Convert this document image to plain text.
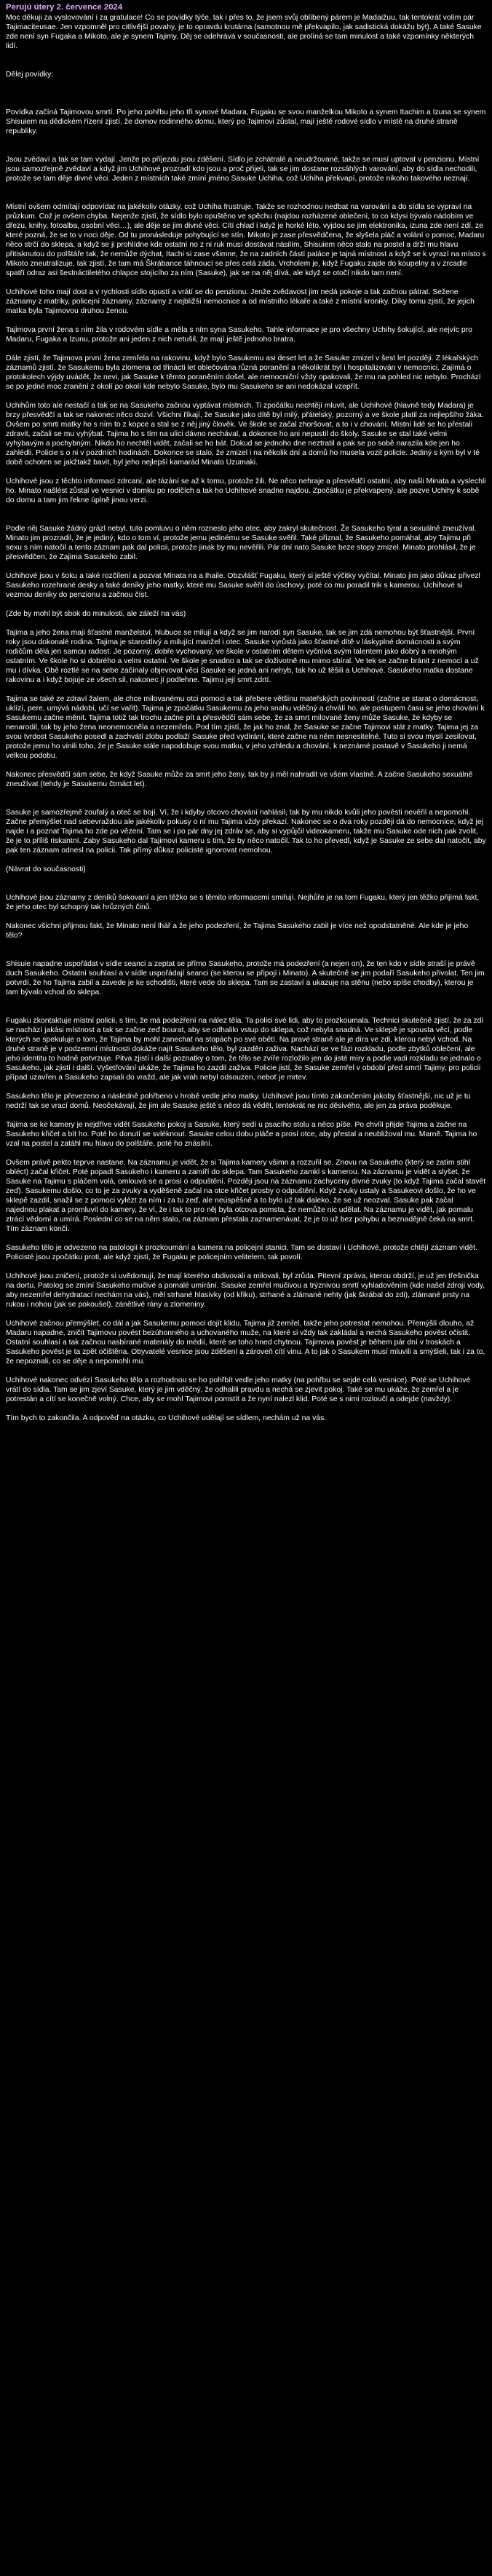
Perujú útery 2. července 2024

Moc děkuji za vyslovování i za gratulace! Co se povídky týče, tak i přes to, že jsem svůj oblíbený párem je Madaižuu, tak tentokrát volím pár Tajimaciteusae. Jen vzpomněl pro citlivější povahy, je to opravdu krutárna (samotnou mě překvapilo, jak sadistická dokážu být). A také Sasuke zde není syn Fugaka a Mikoto, ale je synem Tajimy. Děj se odehrává v současnosti, ale prolíná se tam minulost a také vzpomínky některých lidí.

Dělej povídky:

Povídka začíná Tajimovou smrtí. Po jeho pohřbu jeho tři synové Madara, Fugaku se svou manželkou Mikoto a synem Itachim a Izuna se synem Shisuiem na dědickém řízení zjistí, že domov rodinného domu, který po Tajimovi zůstal, mají ještě rodové sídlo v místě na druhé straně republiky.

Jsou zvědaví a tak se tam vydají. Jenže po příjezdu jsou zděšení. Sídlo je zchátralé a neudržované, takže se musí uptovat v penzionu. Místní jsou samozřejmě zvědaví a když jim Uchihové prozradí kdo jsou a proč přijeli, tak se jim dostane rozsáhlých varování, aby do sídla nechodili, protože se tam děje divné věci. Jeden z místních také zmíní jméno Sasuke Uchiha, což Uchiha překvapí, protože nikoho takového neznají.

Místní ovšem odmítají odpovídat na jakékoliv otázky, což Uchiha frustruje. Takže se rozhodnou nedbat na varování a do sídla se vypraví na průzkum. Což je ovšem chyba. Nejenže zjistí, že sídlo bylo opuštěno ve spěchu (najdou rozházené oblečení, to co kdysi bývalo nádobím ve dřezu, knihy, fotoalba, osobní věci…), ale děje se jim divné věci. Cítí chlad i když je horké léto, vyjdou se jim elektronika, izuna zde není zdí, ze které pozná, že se to v noci děje. Od tu pronásleduje pohybující se stín. Mikoto je zase přesvědčena, že slyšela pláč a volání o pomoc, Madaru něco strčí do sklepa, a když se ji prohlídne kde ostatní no z ni ruk musí dostávat násilím, Shisuiem něco stalo na postel a drží mu hlavu přitisknutou do polštáře tak, že nemůže dýchat, Itachi si zase všimne, že na zadních částí paláce je tajná místnost a když se k vyrazí na místo s Mikoto zneutralizuje, tak zjistí, že tam má Škrábance táhnoucí se přes celá záda. Vrcholem je, když Fugaku zajde do koupelny a v zrcadle spatří odraz asi šestnáctiletého chlapce stojícího za ním (Sasuke), jak se na něj dívá, ale když se otočí nikdo tam není.

Uchihové toho mají dost a v rychlosti sídlo opustí a vrátí se do penzionu. Jenže zvědavost jim nedá pokoje a tak začnou pátrat. Sežene záznamy z matriky, policejní záznamy, záznamy z nejbližší nemocnice a od místního lékaře a také z místní kroniky. Díky tomu zjistí, že jejich matka byla Tajimovou druhou ženou.

Tajimova první žena s ním žila v rodovém sídle a měla s ním syna Sasukeho. Tahle informace je pro všechny Uchihy šokující, ale nejvíc pro Madaru, Fugaka a Izunu, protože ani jeden z nich netušil, že mají ještě jednoho bratra.

Dále zjistí, že Tajimova první žena zemřela na rakovinu, když bylo Sasukemu asi deset let a že Sasuke zmizel v šest let později. Z lékařských záznamů zjistí, že Sasukemu byla zlomena od třinácti let oblečována různá poranění a několikrát byl i hospitalizován v nemocnici. Zajímá o protokolech výjdy uvádět, že nevi, jak Sasuke k těmto poraněním došel, ale nemocniční vždy opakovali, že mu na pohled nic nebylo. Prochází se po jedné moc zranění z okolí po okolí kde nebylo Sasuke, bylo mu Sasukeho se ani nedokázal vzepřít.

Uchihům toto ale nestačí a tak se na Sasukeho začnou vyptávat místních. Ti zpočátku nechtějí mluvit, ale Uchihové (hlavně tedy Madara) je brzy přesvědčí a tak se nakonec něco dozví. Všichni říkají, že Sasuke jako dítě byl milý, přátelský, pozorný a ve škole platil za nejlepšího žáka. Ovšem po smrti matky ho s ním to z kopce a stal se z něj jiný člověk. Ve škole se začal zhoršovat, a to i v chování. Místní lidé se ho přestali zdravit, začali se mu vyhýbat. Tajima ho s tím na ulici dávno nechával, a dokonce ho ani nepustil do školy. Sasuke se stal také velmi vyhýbavým a pochybným. Nikdo ho nechtěl vidět, začali se ho bát. Dokud se jednoho dne neztratil a pak se po sobě narazila kde jen ho zahlédli. Policie s o ni v pozdních hodinách. Dokonce se stalo, že zmizel i na několik dní a domů ho musela vozit policie. Jediný s kým byl v té době ochoten se jakžtakž bavit, byl jeho nejlepší kamarád Minato Uzumaki.

Uchihové jsou z těchto informací zdrcaní, ale tázání se až k tomu, protože žili. Ne něco nehraje a přesvědčí ostatní, aby našli Minata a vyslechli ho. Minato našlést zůstal ve vesnici v domku po rodičích a tak ho Uchihové snadno najdou. Zpočátku je překvapený, ale pozve Uchihy k sobě do domu a tam jim řekne úplně jinou verzi.

Podle něj Sasuke žádný grázl nebyl, tuto pomluvu o něm rozneslo jeho otec, aby zakryl skutečnost. Že Sasukeho týral a sexuálně zneužíval. Minato jim prozradil, že je jediný, kdo o tom ví, protože jemu jedinému se Sasuke svěřil. Také přiznal, že Sasukeho pomáhal, aby Tajimu při sexu s ním natočil a tento záznam pak dal policii, protože jinak by mu nevěřili. Pár dní nato Sasuke beze stopy zmizel. Minato prohlásil, že je přesvědčen, že Zajima Sasukeho zabil.

Uchihové jsou v šoku a také rozčílení a pozvat Minata na a Ihaile. Obzvlášť Fugaku, který si ještě výčitky vyčítal. Minato jim jako důkaz přivezl Sasukeho rozehrané desky a také deníky jeho matky, které mu Sasuke svěřil do úschovy, poté co mu poradil trik s kamerou. Uchihové si vezmou deníky do penzionu a začnou číst.

(Zde by mohl být sbok do minulosti, ale záleží na vás)

Tajima a jeho žena mají šťastné manželství, hlubuce se milují a když se jim narodí syn Sasuke, tak se jim zdá nemohou být šťastnější. První roky jsou dokonalé rodina. Tajima je starostlivý a milující manžel i otec. Sasuke vyrůstá jako šťastné dítě v láskyplné domácnosti a svým rodičům dělá jen samou radost. Je pozorný, dobře vychovaný, ve škole v ostatním dětem vyčnívá svým talentem jako dobrý a mnohým ostatním. Ve škole ho si dobrého a velmi ostatní. Ve škole je snadno a tak se doživotně mu mimo sbíral. Ve tek se začne bránit z nemocí a už mu i dívka. Obě roztlé se na sebe začínaly objevovat věci Sasuke se jedná ani nehyb, tak ho už těšili a Uchihové. Sasukeho matka dostane rakovinu a i když bojuje ze všech sil, nakonec jí podlehne. Tajimu její smrt zdrtí.

Tajima se také ze zdraví žalem, ale chce milovanému otci pomoci a tak přebere většinu mateřských povinností (začne se starat o domácnost, uklízí, pere, umývá nádobí, učí se vařit). Tajima je zpočátku Sasukemu za jeho snahu vděčný a chválí ho, ale postupem času se jeho chování k Sasukemu začne měnit. Tajima totiž tak trochu začne pít a přesvědčí sám sebe, že za smrt milované ženy může Sasuke, že kdyby se nenarodil, tak by jeho žena neonemocněla a nezemřela. Pod tím zjistí, že jak ho znal, že Sasuke se začne Tajimovi stát z matky. Tajima jej za svou tvrdost Sasukeho posedl a zachvátí zlobu podlaží Sasuke před vydírání, které začne na něm nesnesitelné. Tuto si svou myslí zesilovat, protože jemu ho vinili toho, že je Sasuke stále napodobuje svou matku, v jeho vzhledu a chování, k neznámé postavě v Sasukeho ji nemá velkou podobu.

Nakonec přesvědčí sám sebe, že když Sasuke může za smrt jeho ženy, tak by ji měl nahradit ve všem vlastně. A začne Sasukeho sexuálně zneužívat (tehdy je Sasukemu čtrnáct let).

Sasuke je samozřejmě zoufalý a oteč se bojí. Ví, že i kdyby otcovo chování nahlásil, tak by mu nikdo kvůli jeho pověsti nevěřil a nepomohl. Začne přemýšlet nad sebevraždou ale jakékoliv pokusy o ní mu Tajima vždy překazí. Nakonec se o dva roky později dá do nemocnice, když jej najde i a poznat Tajima ho zde po vězení. Tam se i po pár dny jej zdráv se, aby si vypůjčil videokameru, takže mu Sasuke ode nich pak zvolit, že je to příliš riskantní. Zaby Sasukeho dal Tajimovi kameru s tím, že by něco natočil. Tak to ho převedl, když je Sasuke ze sebe dal natočit, aby pak ten záznam odnesl na policii. Tak přímý důkaz policisté ignorovat nemohou.

(Návrat do současnosti)

Uchihové jsou záznamy z deníků šokovaní a jen těžko se s těmito informacemi smiřují. Nejhůře je na tom Fugaku, který jen těžko přijímá fakt, že jeho otec byl schopný tak hrůzných činů.

Nakonec všichni přijmou fakt, že Minato není lhář a že jeho podezření, že Tajima Sasukeho zabil je více než opodstatněné. Ale kde je jeho tělo?

Shisuie napadne uspořádat v sídle seanci a zeptat se přímo Sasukeho, protože má podezření (a nejen on), že ten kdo v sídle straší je právě duch Sasukeho. Ostatní souhlasí a v sídle uspořádají seanci (se kterou se připojí i Minato). A skutečně se jim podaří Sasukeho přivolat. Ten jim potvrdí, že ho Tajima zabil a zavede je ke schodišti, které vede do sklepa. Tam se zastaví a ukazuje na stěnu (nebo spíše chodby), kterou je tam bývalo vchod do sklepa.

Fugaku zkontaktuje místní policii, s tím, že má podezření na nález těla. Ta polici své lidi, aby to prozkoumala. Technici skutečně zjistí, že za zdí se nachází jakási místnost a tak se začne zeď bourat, aby se odhalilo vstup do sklepa, což nebyla snadná. Ve sklepě je spousta věcí, podle kterých se spekuluje o tom, že Tajima by mohl zanechat na stopách po své obětí. Na pravé straně ale je díra ve zdi, kterou nebyl vchod. Na druhé straně je v podzemní místnosti dokáže najít Sasukeho tělo, byl zazděn zaživa. Nachází se ve fázi rozkladu, podle zbytků oblečení, ale jeho identitu to hodně potvrzuje. Pitva zjistí i další poznatky o tom, že tělo se zvíře rozložilo jen do jisté míry a podle vadi rozkladu se jednalo o Sasukeho, jak zjistí i další. Vyšetřování ukáže, že Tajima ho zazdil zaživa. Policie jistí, že Sasuke zemřel v období před smrtí Tajimy, pro policii případ uzavřen a Sasukeho zapsali do vražd, ale jak vrah nebyl odsouzen, neboť je mrtev.

Sasukeho tělo je převezeno a následně pohřbeno v hrobě vedle jeho matky. Uchihové jsou tímto zakončením jakoby šťastnější, nic už je tu nedrží tak se vrací domů. Neočekávají, že jim ale Sasuke ještě s něco dá vědět, tentokrát ne nic děsivého, ale jen za práva poděkuje.

Tajima se ke kamery je nejdříve vidět Sasukeho pokoj a Sasuke, který sedí u psacího stolu a něco píše. Po chvíli přijde Tajima a začne na Sasukeho křičet a bít ho. Poté ho donutí se svléknout. Sasuke celou dobu pláče a prosí otce, aby přestal a neubližoval mu. Marně. Tajima ho vzal na postel a zatáhl mu hlavu do polštáře, poté ho znásilní.

Ovšem právě pekto teprve nastane. Na záznamu je vidět, že si Tajima kamery všimn a rozzuřil se. Znovu na Sasukeho (který se zatím stihl obléct) začal křičet. Poté popadl Sasukeho i kameru a zamíří do sklepa. Tam Sasukeho zamkl s kamerou. Na záznamu je vidět a slyšet, že Sasuke na Tajimu s pláčem volá, omlouvá se a prosí o odpuštění. Později jsou na záznamu zachyceny divné zvuky (to když Tajima začal stavět zeď). Sasukemu došlo, co to je za zvuky a vyděšeně začal na otce křičet prosby o odpuštění. Když zvuky ustaly a Sasukeovi došlo, že ho ve sklepě zazdil, snažil se z pomoci vylézt za ním i za tu zeď, ale neúspěšně a to bylo už tak daleko, že se už neozval. Sasuke pak začal najednou plakat a promluvil do kamery, že ví, že i tak to pro něj byla otcova pomsta, že nemůže nic udělat. Na záznamu je vidět, jak pomalu ztrácí vědomí a umírá. Poslední co se na něm stalo, na záznam přestala zaznamenávat, že je to už bez pohybu a beznadějně čeká na smrt. Tím záznam končí.

Sasukeho tělo je odvezeno na patologii k prozkoumání a kamera na policejní stanici. Tam se dostaví i Uchihové, protože chtějí záznam vidět. Policisté jsou zpočátku proti, ale když zjistí, že Fugaku je policejním velitelem, tak povolí.

Uchihové jsou zničení, protože si uvědomují, že mají kterého obdivovali a milovali, byl zrůda. Pitevní zpráva, kterou obdrží, je už jen třešnička na dortu. Patolog se zmíní Sasukeho mučivé a pomalé umírání. Sasuke zemřel mučivou a trýznivou smrtí vyhladověním (kde našel zdrojí vody, aby nezemřel dehydratací nechám na vás), měl strhané hlasivky (od křiku), strhané a zlámané nehty (jak škrábal do zdi), zlámané prsty na rukou i nohou (jak se pokoušel), zánětlivé rány a zlomeniny.

Uchihové začnou přemýšlet, co dál a jak Sasukemu pomoci dojít klidu. Tajima již zemřel, takže jeho potrestat nemohou. Přemýšlí dlouho, až Madaru napadne, zničit Tajimovu povést bezúhonného a uchovaného muže, na které si vždy tak zakládal a nechá Sasukeho pověst očistit. Ostatní souhlasí a tak začnou nasbírané materiály do médií, které se toho hned chytnou. Tajimova povést je během pár dní v troskách a Sasukeho pověst je ta zpět očištěna. Obyvatelé vesnice jsou zděšení a zároveň cítí vinu. A to jak o Sasukem musí mluvili a smýšleli, tak i za to, že nepoznali, co se děje a nepomohli mu.

Uchihové nakonec odvézí Sasukeho tělo a rozhodnou se ho pohřbít vedle jeho matky (na pohřbu se sejde celá vesnice). Poté se Uchihové vrátí do sídla. Tam se jim zjeví Sasuke, který je jim vděčný, že odhalili pravdu a nechá se zjevit pokoj. Také se mu ukáže, že zemřel a je potrestán a cítí se konečně volný. Chce, aby se mohl Tajimovi pomstít a že nyní nalezl klid. Poté se s nimi rozloučí a odejde (navždy).

Tím bych to zakončila. A odpověď na otázku, co Uchihové udělají se sídlem, nechám už na vás.
